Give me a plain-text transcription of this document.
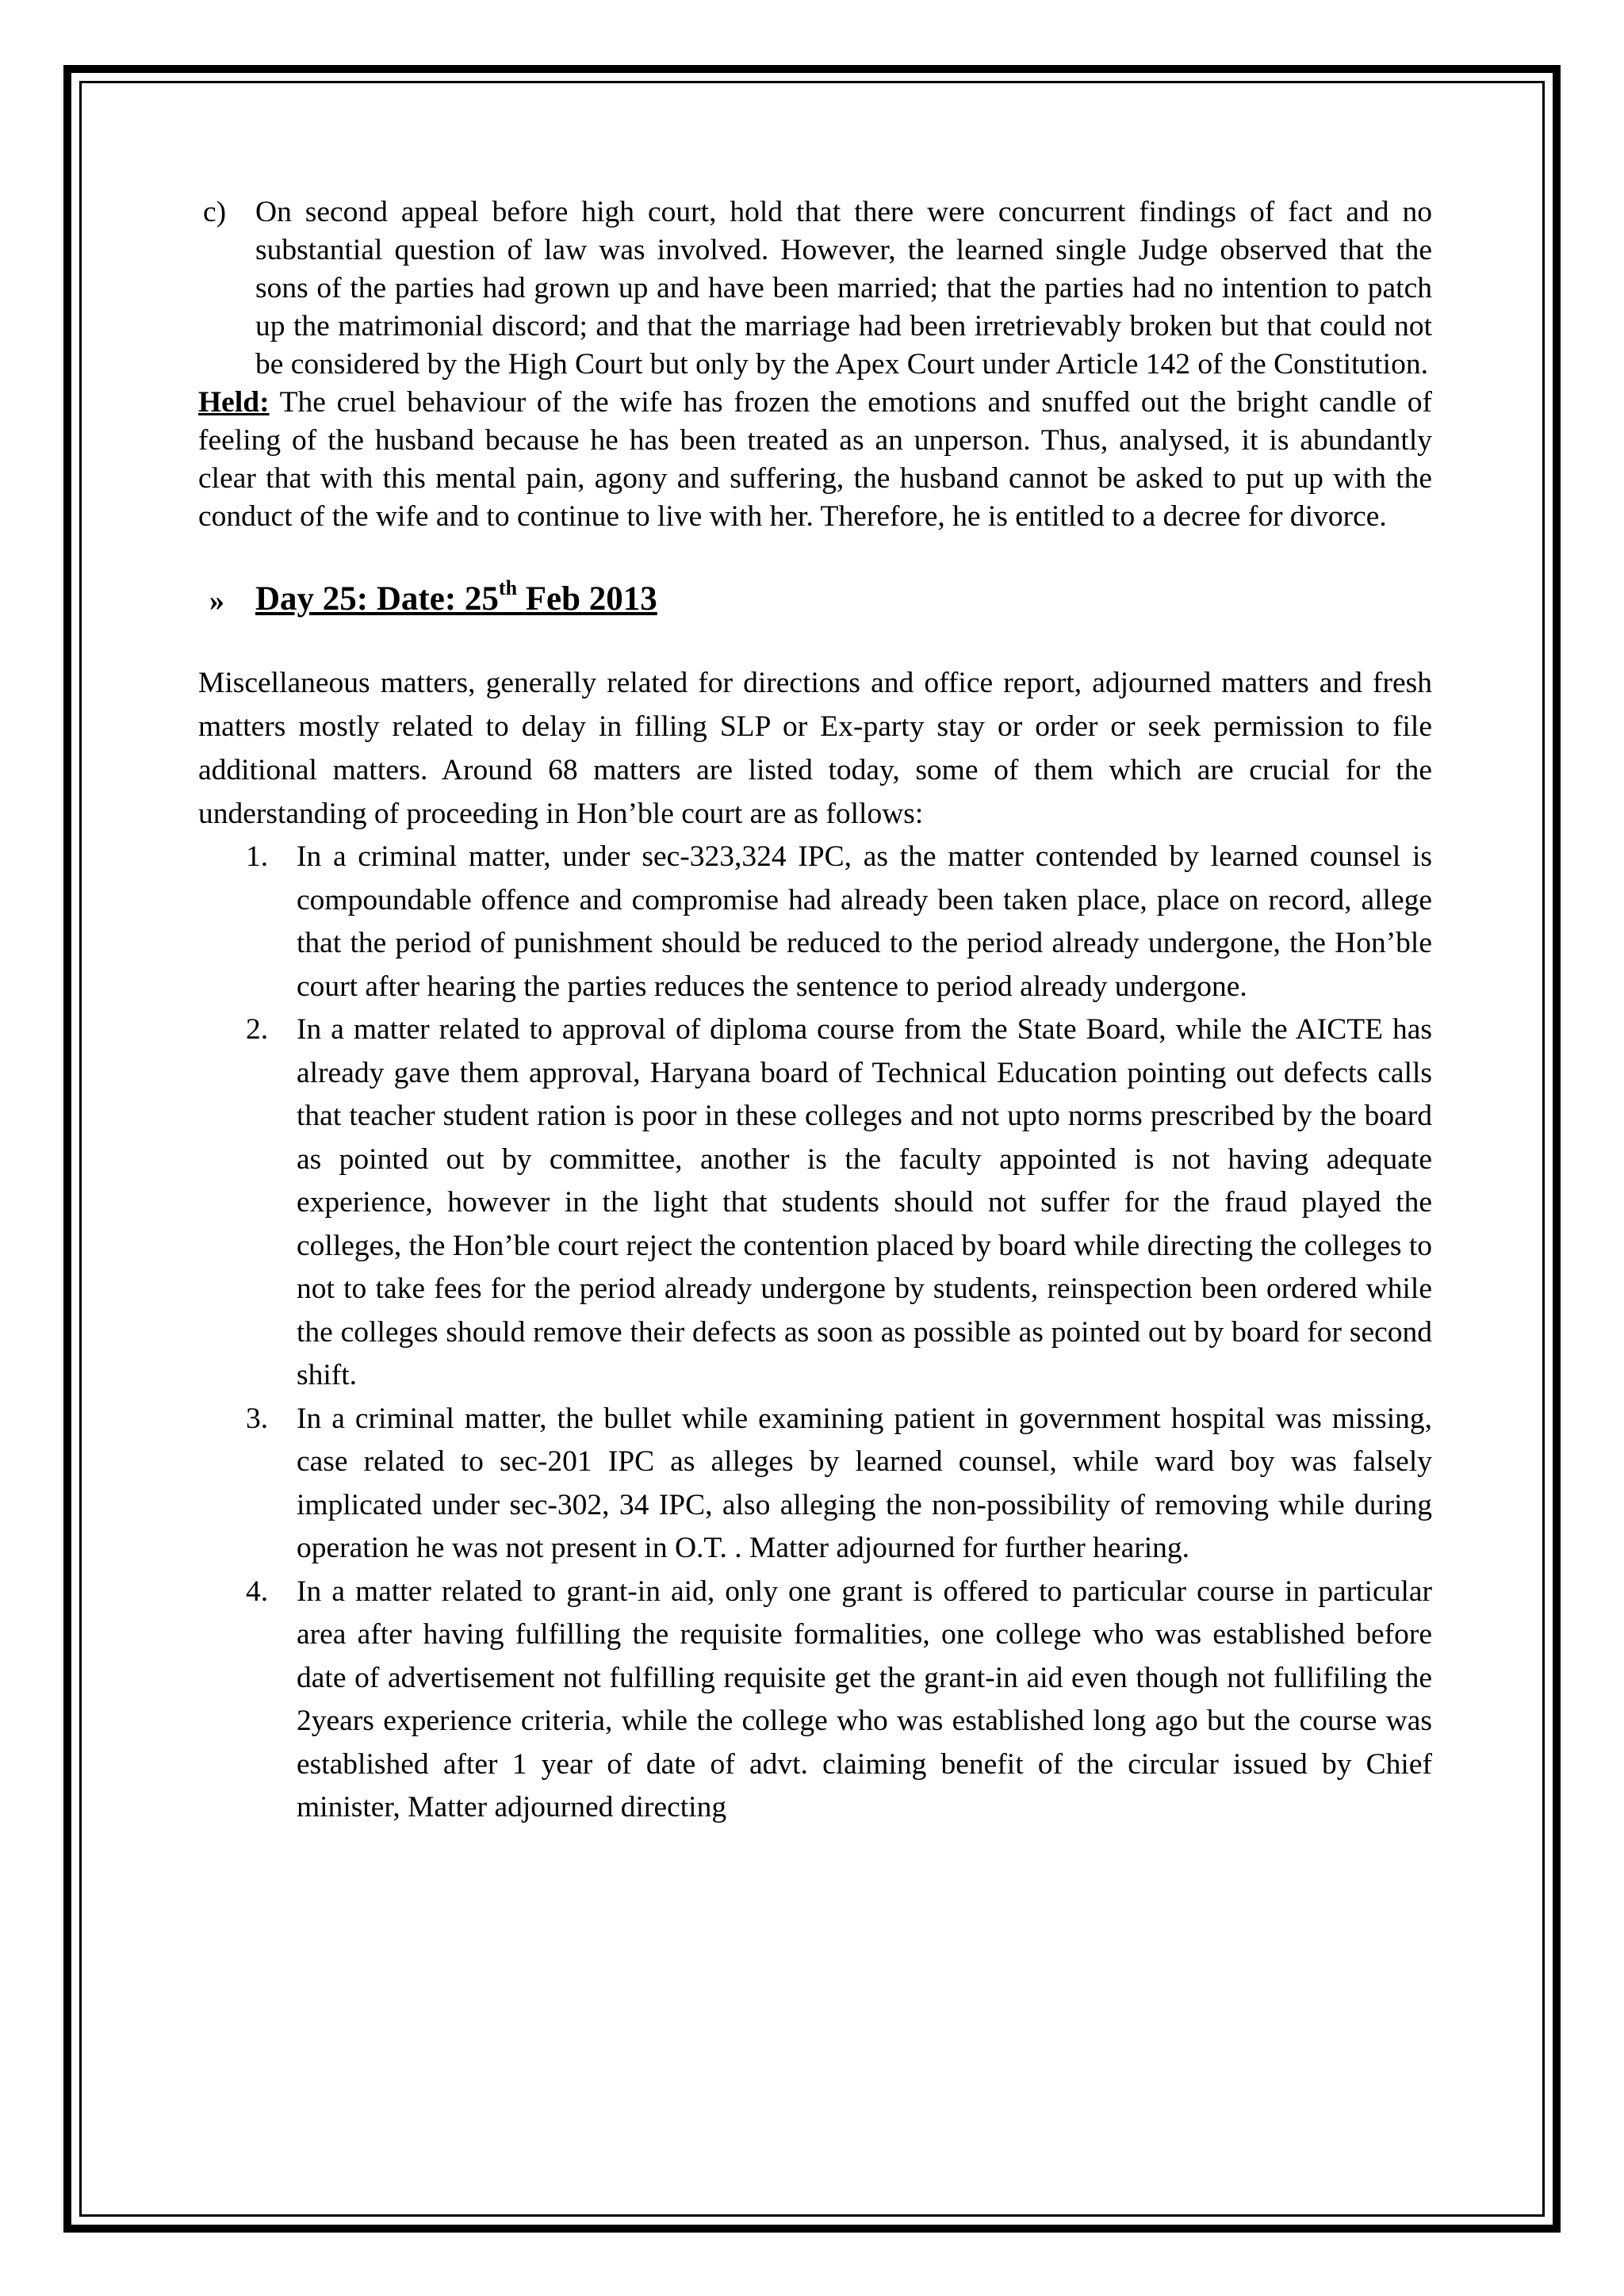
c) On second appeal before high court, hold that there were concurrent findings of fact and no substantial question of law was involved. However, the learned single Judge observed that the sons of the parties had grown up and have been married; that the parties had no intention to patch up the matrimonial discord; and that the marriage had been irretrievably broken but that could not be considered by the High Court but only by the Apex Court under Article 142 of the Constitution.
Held: The cruel behaviour of the wife has frozen the emotions and snuffed out the bright candle of feeling of the husband because he has been treated as an unperson. Thus, analysed, it is abundantly clear that with this mental pain, agony and suffering, the husband cannot be asked to put up with the conduct of the wife and to continue to live with her. Therefore, he is entitled to a decree for divorce.
» Day 25: Date: 25th Feb 2013
Miscellaneous matters, generally related for directions and office report, adjourned matters and fresh matters mostly related to delay in filling SLP or Ex-party stay or order or seek permission to file additional matters. Around 68 matters are listed today, some of them which are crucial for the understanding of proceeding in Hon’ble court are as follows:
1. In a criminal matter, under sec-323,324 IPC, as the matter contended by learned counsel is compoundable offence and compromise had already been taken place, place on record, allege that the period of punishment should be reduced to the period already undergone, the Hon’ble court after hearing the parties reduces the sentence to period already undergone.
2. In a matter related to approval of diploma course from the State Board, while the AICTE has already gave them approval, Haryana board of Technical Education pointing out defects calls that teacher student ration is poor in these colleges and not upto norms prescribed by the board as pointed out by committee, another is the faculty appointed is not having adequate experience, however in the light that students should not suffer for the fraud played the colleges, the Hon’ble court reject the contention placed by board while directing the colleges to not to take fees for the period already undergone by students, reinspection been ordered while the colleges should remove their defects as soon as possible as pointed out by board for second shift.
3. In a criminal matter, the bullet while examining patient in government hospital was missing, case related to sec-201 IPC as alleges by learned counsel, while ward boy was falsely implicated under sec-302, 34 IPC, also alleging the non-possibility of removing while during operation he was not present in O.T. . Matter adjourned for further hearing.
4. In a matter related to grant-in aid, only one grant is offered to particular course in particular area after having fulfilling the requisite formalities, one college who was established before date of advertisement not fulfilling requisite get the grant-in aid even though not fullifiling the 2years experience criteria, while the college who was established long ago but the course was established after 1 year of date of advt. claiming benefit of the circular issued by Chief minister, Matter adjourned directing
